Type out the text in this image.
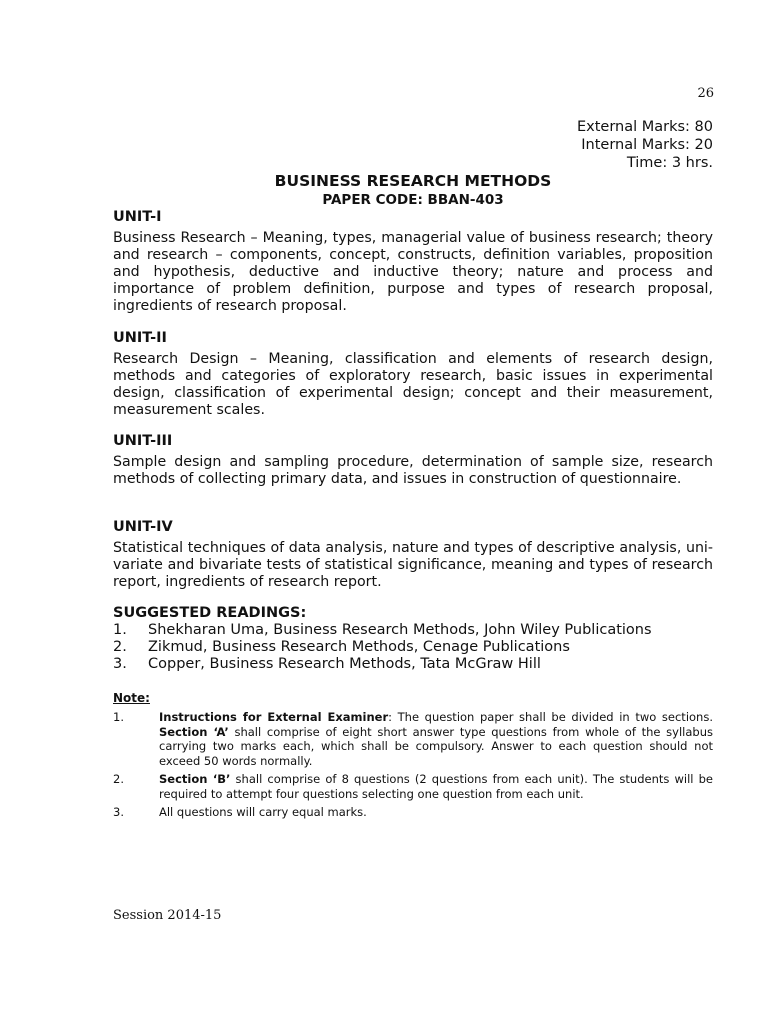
26
External Marks: 80
Internal Marks: 20
Time: 3 hrs.
BUSINESS RESEARCH METHODS
PAPER CODE: BBAN-403
UNIT-I

Business Research – Meaning, types, managerial value of business research; theory and research – components, concept, constructs, definition variables, proposition and hypothesis, deductive and inductive theory; nature and process and importance of problem definition, purpose and types of research proposal, ingredients of research proposal.

UNIT-II

Research Design – Meaning, classification and elements of research design, methods and categories of exploratory research, basic issues in experimental design, classification of experimental design; concept and their measurement, measurement scales.

UNIT-III

Sample design and sampling procedure, determination of sample size, research methods of collecting primary data, and issues in construction of questionnaire.

UNIT-IV

Statistical techniques of data analysis, nature and types of descriptive analysis, uni-variate and bivariate tests of statistical significance, meaning and types of research report, ingredients of research report.

SUGGESTED READINGS:
1.	Shekharan Uma, Business Research Methods, John Wiley Publications
2.	Zikmud, Business Research Methods, Cenage Publications
3.	Copper, Business Research Methods, Tata McGraw Hill
Note:
1.	Instructions for External Examiner: The question paper shall be divided in two sections. Section ‘A’ shall comprise of eight short answer type questions from whole of the syllabus carrying two marks each, which shall be compulsory. Answer to each question should not exceed 50 words normally.
2.	Section ‘B’ shall comprise of 8 questions (2 questions from each unit). The students will be required to attempt four questions selecting one question from each unit.
3.	All questions will carry equal marks.
Session 2014-15
